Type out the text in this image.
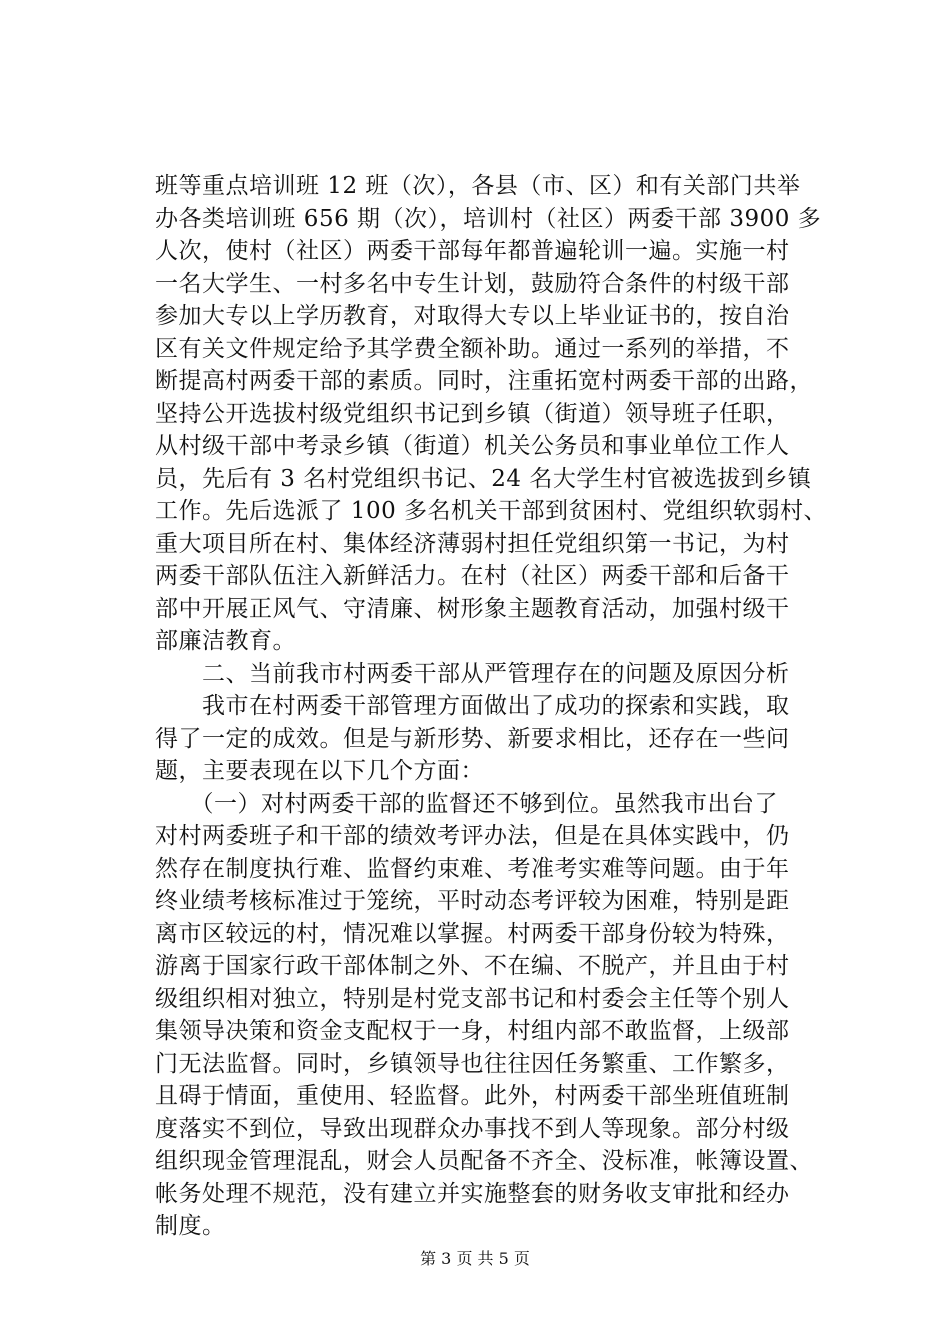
班等重点培训班 12 班（次），各县（市、区）和有关部门共举
办各类培训班 656 期（次），培训村（社区）两委干部 3900 多
人次，使村（社区）两委干部每年都普遍轮训一遍。实施一村
一名大学生、一村多名中专生计划，鼓励符合条件的村级干部
参加大专以上学历教育，对取得大专以上毕业证书的，按自治
区有关文件规定给予其学费全额补助。通过一系列的举措，不
断提高村两委干部的素质。同时，注重拓宽村两委干部的出路，
坚持公开选拔村级党组织书记到乡镇（街道）领导班子任职，
从村级干部中考录乡镇（街道）机关公务员和事业单位工作人
员，先后有 3 名村党组织书记、24 名大学生村官被选拔到乡镇
工作。先后选派了 100 多名机关干部到贫困村、党组织软弱村、
重大项目所在村、集体经济薄弱村担任党组织第一书记，为村
两委干部队伍注入新鲜活力。在村（社区）两委干部和后备干
部中开展正风气、守清廉、树形象主题教育活动，加强村级干
部廉洁教育。
　　二、当前我市村两委干部从严管理存在的问题及原因分析
　　我市在村两委干部管理方面做出了成功的探索和实践，取
得了一定的成效。但是与新形势、新要求相比，还存在一些问
题，主要表现在以下几个方面：
　　（一）对村两委干部的监督还不够到位。虽然我市出台了
对村两委班子和干部的绩效考评办法，但是在具体实践中，仍
然存在制度执行难、监督约束难、考准考实难等问题。由于年
终业绩考核标准过于笼统，平时动态考评较为困难，特别是距
离市区较远的村，情况难以掌握。村两委干部身份较为特殊，
游离于国家行政干部体制之外、不在编、不脱产，并且由于村
级组织相对独立，特别是村党支部书记和村委会主任等个别人
集领导决策和资金支配权于一身，村组内部不敢监督，上级部
门无法监督。同时，乡镇领导也往往因任务繁重、工作繁多，
且碍于情面，重使用、轻监督。此外，村两委干部坐班值班制
度落实不到位，导致出现群众办事找不到人等现象。部分村级
组织现金管理混乱，财会人员配备不齐全、没标准，帐簿设置、
帐务处理不规范，没有建立并实施整套的财务收支审批和经办
制度。
第 3 页 共 5 页
